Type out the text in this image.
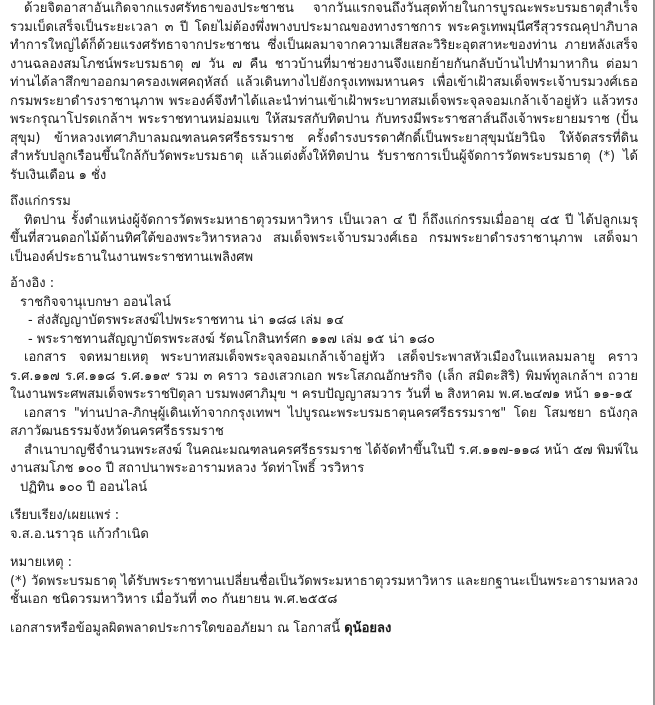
ด้วยจิตอาสาอันเกิดจากแรงศรัทธาของประชาชน จากวันแรกจนถึงวันสุดท้ายในการบูรณะพระบรมธาตุสำเร็จ รวมเบ็ดเสร็จเป็นระยะเวลา ๓ ปี โดยไม่ต้องพึ่งพางบประมาณของทางราชการ พระครูเทพมุนีศรีสุวรรณคุปาภิบาล ทำการใหญ่ได้ก็ด้วยแรงศรัทธาจากประชาชน ซึ่งเป็นผลมาจากความเสียสละวิริยะอุตสาหะของท่าน ภายหลังเสร็จงานฉลองสมโภชน์พระบรมธาตุ ๗ วัน ๗ คืน ชาวบ้านที่มาช่วยงานจึงแยกย้ายกันกลับบ้านไปทำมาหากิน ต่อมาท่านได้ลาสึกขาออกมาครองเพศคฤหัสถ์ แล้วเดินทางไปยังกรุงเทพมหานคร เพื่อเข้าเฝ้าสมเด็จพระเจ้าบรมวงศ์เธอ กรมพระยาดำรงราชานุภาพ พระองค์จึงทำได้และนำท่านเข้าเฝ้าพระบาทสมเด็จพระจุลจอมเกล้าเจ้าอยู่หัว แล้วทรงพระกรุณาโปรดเกล้าฯ พระราชทานหม่อมแข ให้สมรสกับทิตปาน กับทรงมีพระราชสาส์นถึงเจ้าพระยายมราช (ปั้น สุขุม) ข้าหลวงเทศาภิบาลมณฑลนครศรีธรรมราช ครั้งดำรงบรรดาศักดิ์เป็นพระยาสุขุมนัยวินิจ ให้จัดสรรที่ดินสำหรับปลูกเรือนขึ้นใกล้กับวัดพระบรมธาตุ แล้วแต่งตั้งให้ทิตปาน รับราชการเป็นผู้จัดการวัดพระบรมธาตุ (*) ได้รับเงินเดือน ๑ ชั่ง

ถึงแก่กรรม

ทิตปาน รั้งตำแหน่งผู้จัดการวัดพระมหาธาตุวรมหาวิหาร เป็นเวลา ๔ ปี ก็ถึงแก่กรรมเมื่ออายุ ๔๕ ปี ได้ปลูกเมรุขึ้นที่สวนดอกไม้ด้านทิศใต้ของพระวิหารหลวง สมเด็จพระเจ้าบรมวงศ์เธอ กรมพระยาดำรงราชานุภาพ เสด็จมาเป็นองค์ประธานในงานพระราชทานเพลิงศพ

อ้างอิง :

ราชกิจจานุเบกษา ออนไลน์

- ส่งสัญญาบัตรพระสงฆ์ไปพระราชทาน น่า ๑๘๘ เล่ม ๑๔

- พระราชทานสัญญาบัตรพระสงฆ์ รัตนโกสินทร์ศก ๑๑๗ เล่ม ๑๕ น่า ๑๘๐

เอกสาร จดหมายเหตุ พระบาทสมเด็จพระจุลจอมเกล้าเจ้าอยู่หัว เสด็จประพาสหัวเมืองในแหลมมลายู คราว ร.ศ.๑๑๗ ร.ศ.๑๑๘ ร.ศ.๑๑๙ รวม ๓ คราว รองเสวกเอก พระโสภณอักษรกิจ (เล็ก สมิตะสิริ) พิมพ์ทูลเกล้าฯ ถวาย ในงานพระศพสมเด็จพระราชปิตุลา บรมพงศาภิมุข ฯ ครบปัญญาสมวาร วันที่ ๒ สิงหาคม พ.ศ.๒๔๗๑ หน้า ๑๑-๑๕

เอกสาร "ท่านปาล-ภิกษุผู้เดินเท้าจากกรุงเทพฯ ไปบูรณะพระบรมธาตุนครศรีธรรมราช" โดย โสมชยา ธนังกุล สภาวัฒนธรรมจังหวัดนครศรีธรรมราช

สำเนาบาญชีจำนวนพระสงฆ์ ในคณะมณฑลนครศรีธรรมราช ได้จัดทำขึ้นในปี ร.ศ.๑๑๗-๑๑๘ หน้า ๕๗ พิมพ์ในงานสมโภช ๑๐๐ ปี สถาปนาพระอารามหลวง วัดท่าโพธิ์ วรวิหาร

ปฏิทิน ๑๐๐ ปี ออนไลน์

เรียบเรียง/เผยแพร่ :

จ.ส.อ.นราวุธ แก้วกำเนิด

หมายเหตุ :

(*) วัดพระบรมธาตุ ได้รับพระราชทานเปลี่ยนชื่อเป็นวัดพระมหาธาตุวรมหาวิหาร และยกฐานะเป็นพระอารามหลวง ชั้นเอก ชนิดวรมหาวิหาร เมื่อวันที่ ๓๐ กันยายน พ.ศ.๒๕๕๘

เอกสารหรือข้อมูลผิดพลาดประการใดขออภัยมา ณ โอกาสนี้ ดุน้อยลง
